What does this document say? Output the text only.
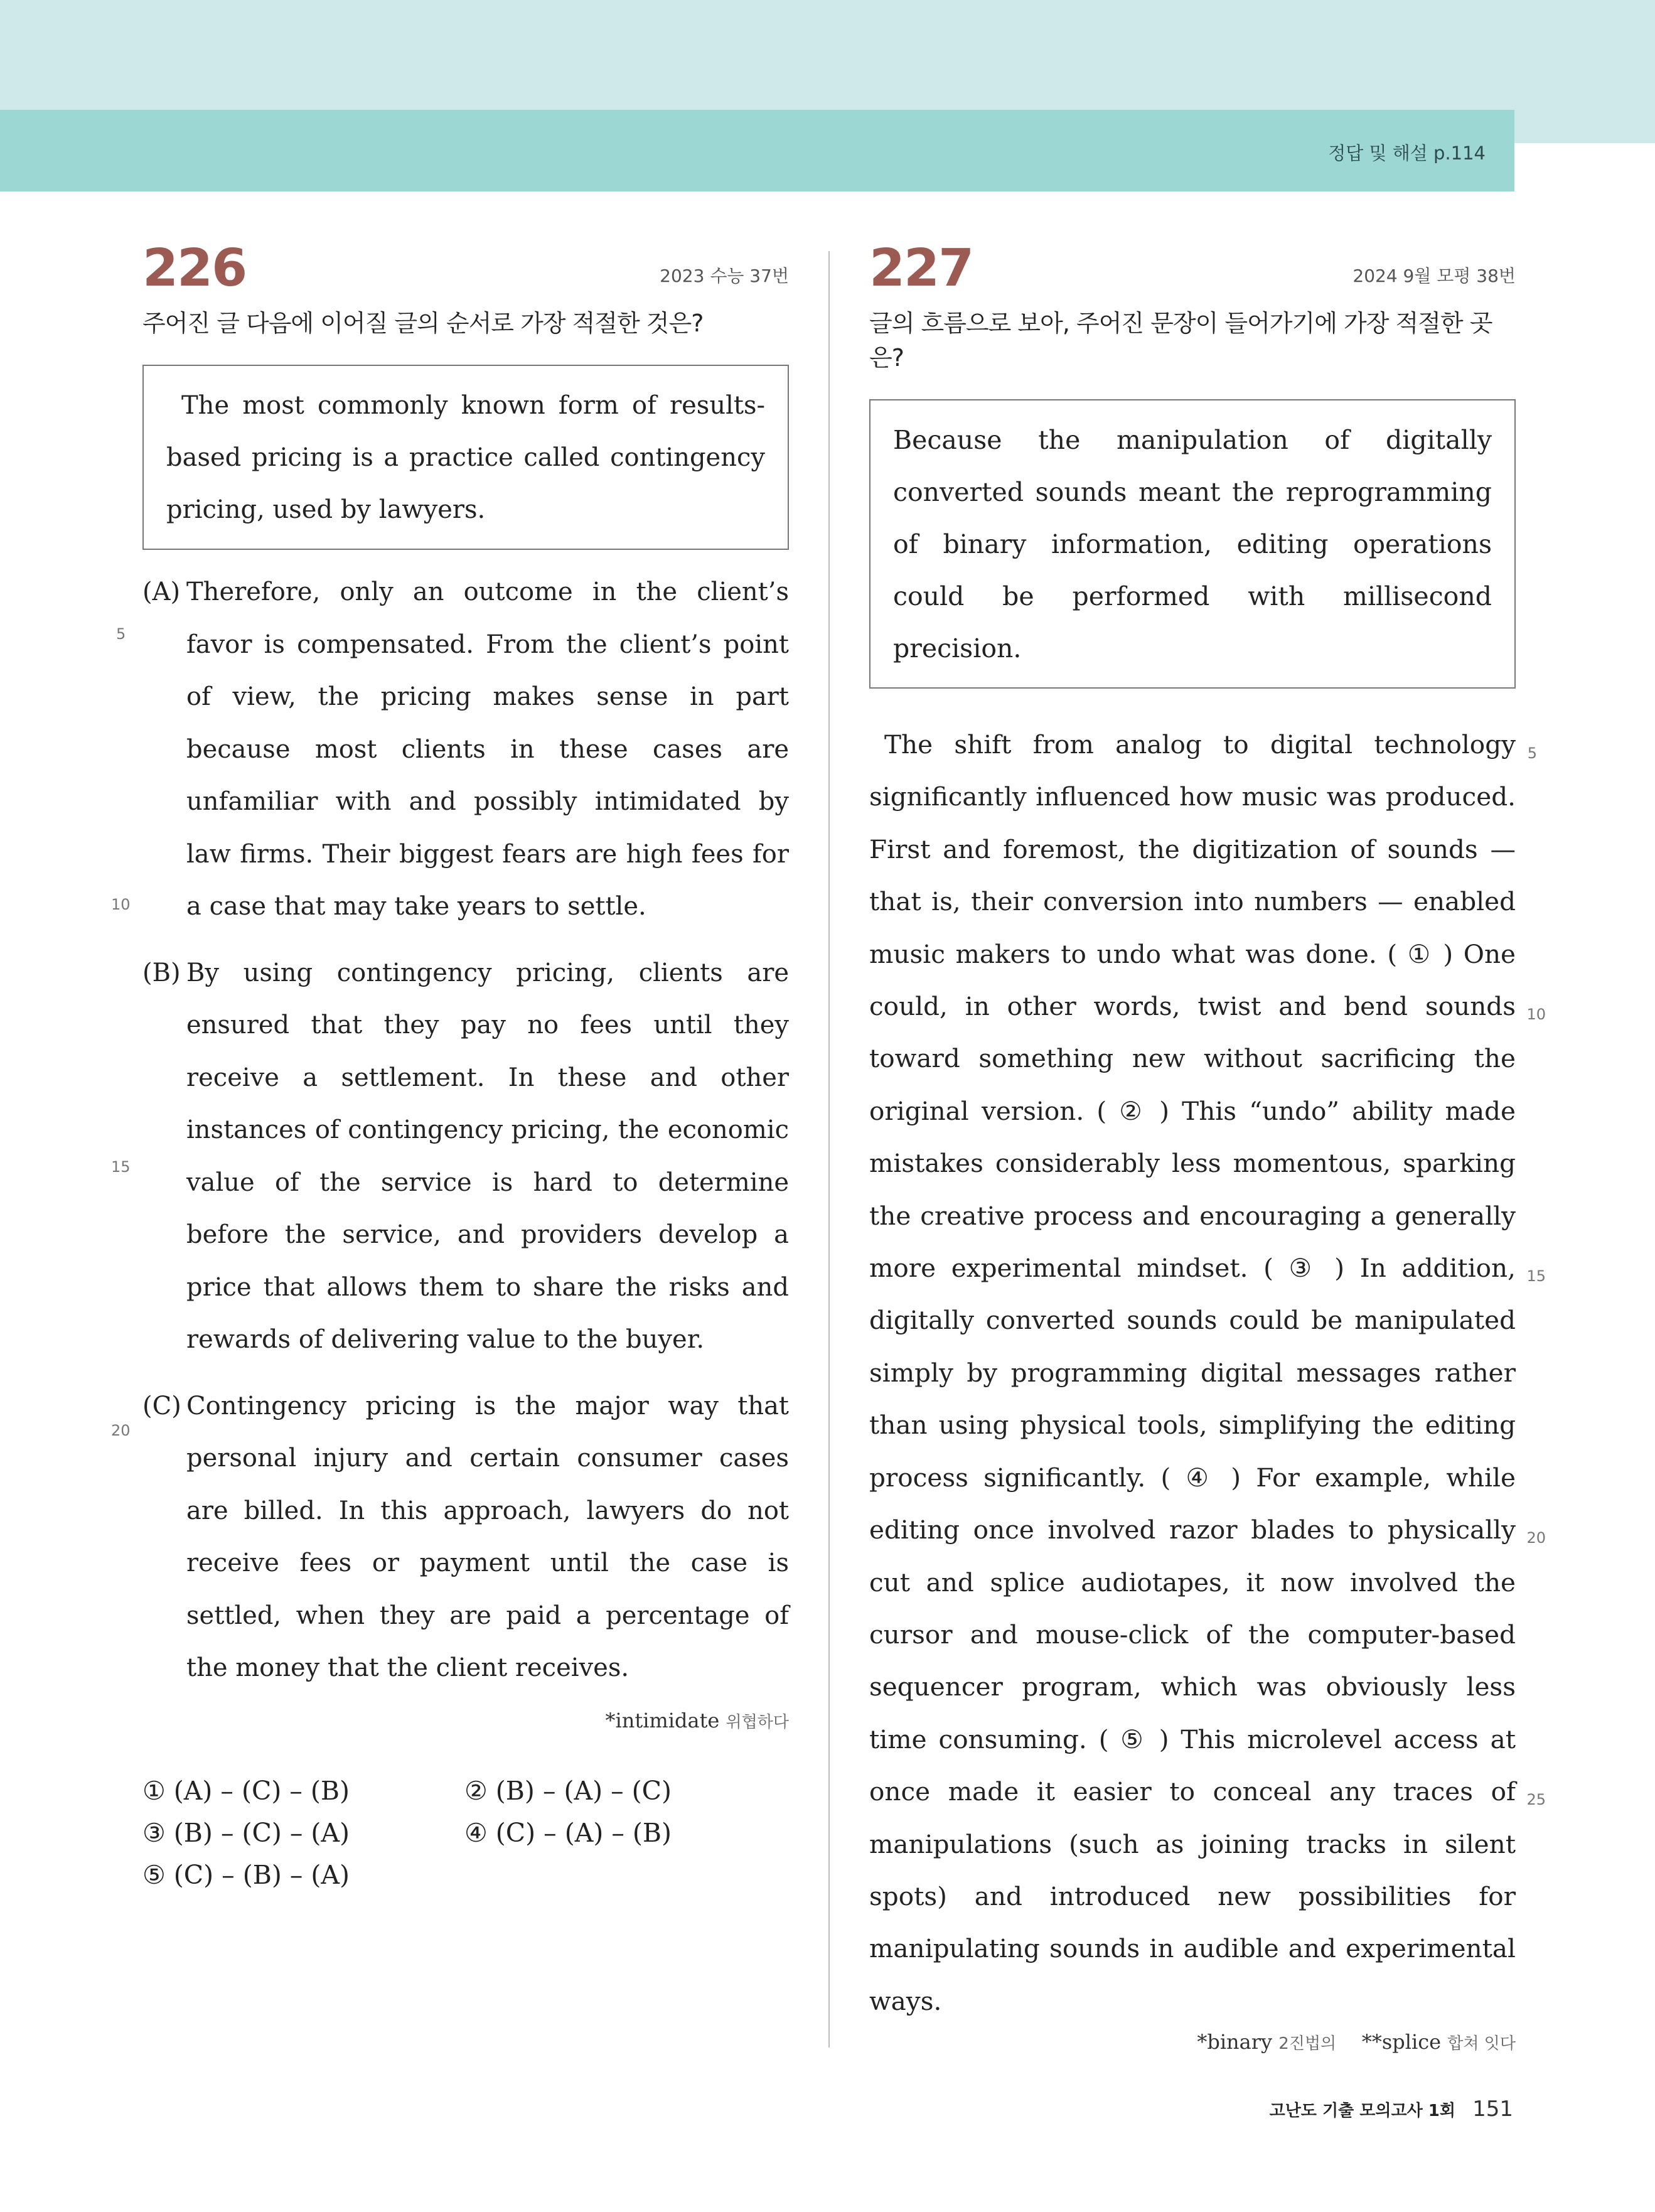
정답 및 해설 p.114
226	2023 수능 37번
주어진 글 다음에 이어질 글의 순서로 가장 적절한 것은?
The most commonly known form of results-based pricing is a practice called contingency pricing, used by lawyers.
(A) Therefore, only an outcome in the client’s favor is compensated. From the client’s point of view, the pricing makes sense in part because most clients in these cases are unfamiliar with and possibly intimidated by law firms. Their biggest fears are high fees for a case that may take years to settle.
(B) By using contingency pricing, clients are ensured that they pay no fees until they receive a settlement. In these and other instances of contingency pricing, the economic value of the service is hard to determine before the service, and providers develop a price that allows them to share the risks and rewards of delivering value to the buyer.
(C) Contingency pricing is the major way that personal injury and certain consumer cases are billed. In this approach, lawyers do not receive fees or payment until the case is settled, when they are paid a percentage of the money that the client receives.
5
10
15
20
*intimidate 위협하다
① (A) – (C) – (B)	② (B) – (A) – (C)
③ (B) – (C) – (A)	④ (C) – (A) – (B)
⑤ (C) – (B) – (A)
227	2024 9월 모평 38번
글의 흐름으로 보아, 주어진 문장이 들어가기에 가장 적절한 곳은?
Because the manipulation of digitally converted sounds meant the reprogramming of binary information, editing operations could be performed with millisecond precision.
The shift from analog to digital technology significantly influenced how music was produced. First and foremost, the digitization of sounds — that is, their conversion into numbers — enabled music makers to undo what was done. ( ① ) One could, in other words, twist and bend sounds toward something new without sacrificing the original version. ( ② ) This “undo” ability made mistakes considerably less momentous, sparking the creative process and encouraging a generally more experimental mindset. ( ③ ) In addition, digitally converted sounds could be manipulated simply by programming digital messages rather than using physical tools, simplifying the editing process significantly. ( ④ ) For example, while editing once involved razor blades to physically cut and splice audiotapes, it now involved the cursor and mouse-click of the computer-based sequencer program, which was obviously less time consuming. ( ⑤ ) This microlevel access at once made it easier to conceal any traces of manipulations (such as joining tracks in silent spots) and introduced new possibilities for manipulating sounds in audible and experimental ways.
5
10
15
20
25
*binary 2진법의 **splice 합쳐 잇다
고난도 기출 모의고사 1회 151
